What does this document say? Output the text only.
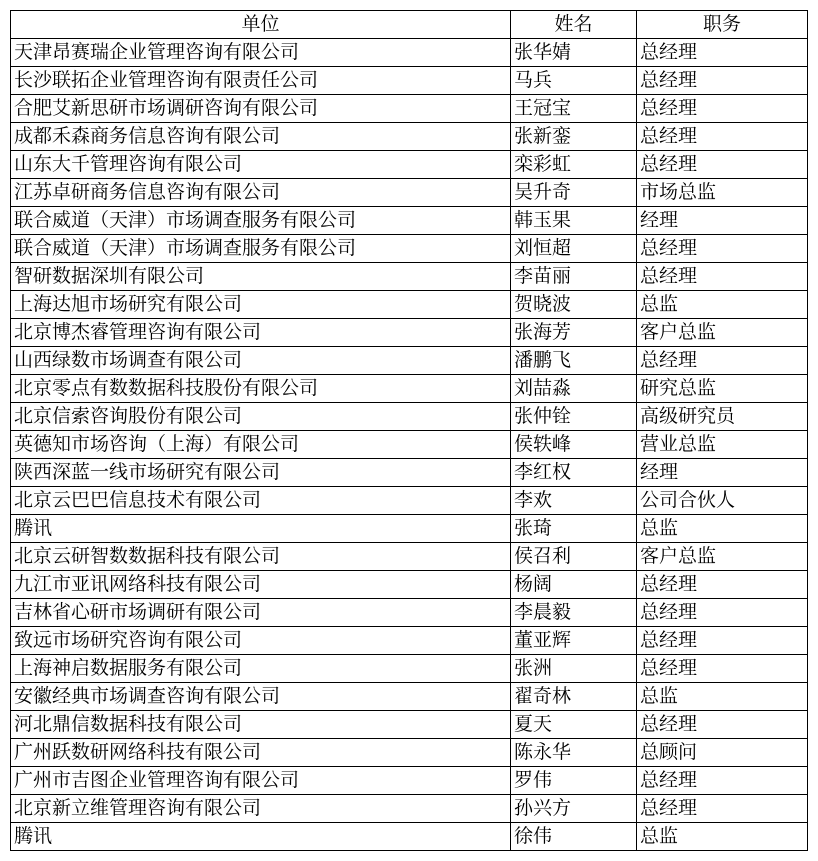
单位	姓名	职务
天津昂赛瑞企业管理咨询有限公司	张华婧	总经理
长沙联拓企业管理咨询有限责任公司	马兵	总经理
合肥艾新思研市场调研咨询有限公司	王冠宝	总经理
成都禾森商务信息咨询有限公司	张新銮	总经理
山东大千管理咨询有限公司	栾彩虹	总经理
江苏卓研商务信息咨询有限公司	吴升奇	市场总监
联合威道（天津）市场调查服务有限公司	韩玉果	经理
联合威道（天津）市场调查服务有限公司	刘恒超	总经理
智研数据深圳有限公司	李苗丽	总经理
上海达旭市场研究有限公司	贺晓波	总监
北京博杰睿管理咨询有限公司	张海芳	客户总监
山西绿数市场调查有限公司	潘鹏飞	总经理
北京零点有数数据科技股份有限公司	刘喆淼	研究总监
北京信索咨询股份有限公司	张仲铨	高级研究员
英德知市场咨询（上海）有限公司	侯轶峰	营业总监
陕西深蓝一线市场研究有限公司	李红权	经理
北京云巴巴信息技术有限公司	李欢	公司合伙人
腾讯	张琦	总监
北京云研智数数据科技有限公司	侯召利	客户总监
九江市亚讯网络科技有限公司	杨阔	总经理
吉林省心研市场调研有限公司	李晨毅	总经理
致远市场研究咨询有限公司	董亚辉	总经理
上海神启数据服务有限公司	张洲	总经理
安徽经典市场调查咨询有限公司	翟奇林	总监
河北鼎信数据科技有限公司	夏天	总经理
广州跃数研网络科技有限公司	陈永华	总顾问
广州市吉图企业管理咨询有限公司	罗伟	总经理
北京新立维管理咨询有限公司	孙兴方	总经理
腾讯	徐伟	总监
